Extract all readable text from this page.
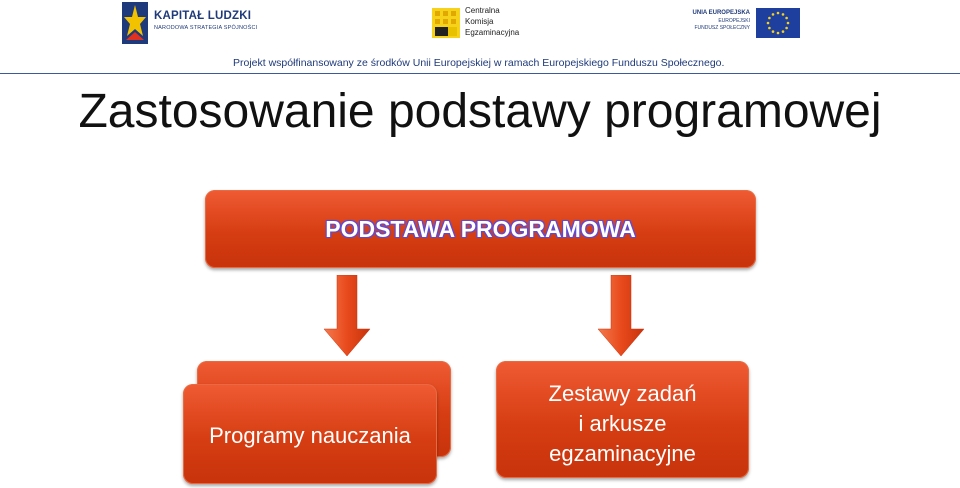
KAPITAŁ LUDZKI
NARODOWA STRATEGIA SPÓJNOŚCI
Centralna
Komisja
Egzaminacyjna
UNIA EUROPEJSKA
EUROPEJSKI
FUNDUSZ SPOŁECZNY
Projekt współfinansowany ze środków Unii Europejskiej w ramach Europejskiego Funduszu Społecznego.
Zastosowanie podstawy programowej
PODSTAWA PROGRAMOWA
Programy nauczania
Zestawy zadań
i arkusze
egzaminacyjne
